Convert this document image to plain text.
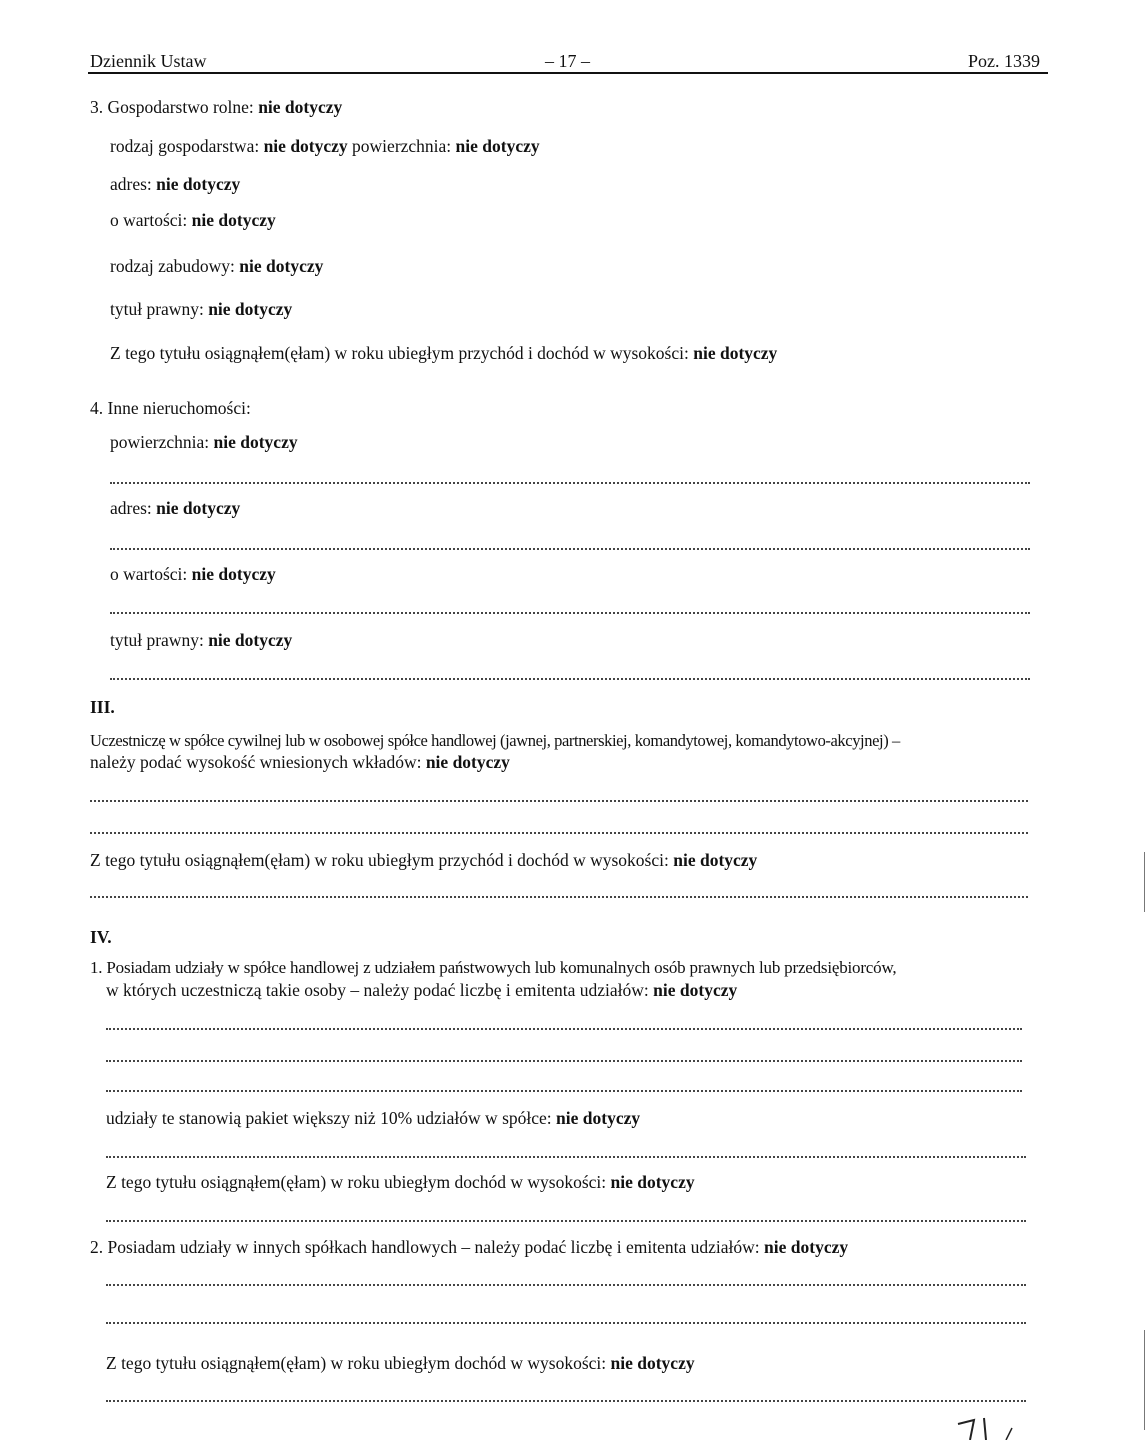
Dziennik Ustaw	– 17 –	Poz. 1339
3. Gospodarstwo rolne: nie dotyczy
rodzaj gospodarstwa: nie dotyczy powierzchnia: nie dotyczy
adres: nie dotyczy
o wartości: nie dotyczy
rodzaj zabudowy: nie dotyczy
tytuł prawny: nie dotyczy
Z tego tytułu osiągnąłem(ęłam) w roku ubiegłym przychód i dochód w wysokości: nie dotyczy
4. Inne nieruchomości:
powierzchnia: nie dotyczy
adres: nie dotyczy
o wartości: nie dotyczy
tytuł prawny: nie dotyczy
III.
Uczestniczę w spółce cywilnej lub w osobowej spółce handlowej (jawnej, partnerskiej, komandytowej, komandytowo-akcyjnej) –
należy podać wysokość wniesionych wkładów: nie dotyczy
Z tego tytułu osiągnąłem(ęłam) w roku ubiegłym przychód i dochód w wysokości: nie dotyczy
IV.
1. Posiadam udziały w spółce handlowej z udziałem państwowych lub komunalnych osób prawnych lub przedsiębiorców,
w których uczestniczą takie osoby – należy podać liczbę i emitenta udziałów: nie dotyczy
udziały te stanowią pakiet większy niż 10% udziałów w spółce: nie dotyczy
Z tego tytułu osiągnąłem(ęłam) w roku ubiegłym dochód w wysokości: nie dotyczy
2. Posiadam udziały w innych spółkach handlowych – należy podać liczbę i emitenta udziałów: nie dotyczy
Z tego tytułu osiągnąłem(ęłam) w roku ubiegłym dochód w wysokości: nie dotyczy
